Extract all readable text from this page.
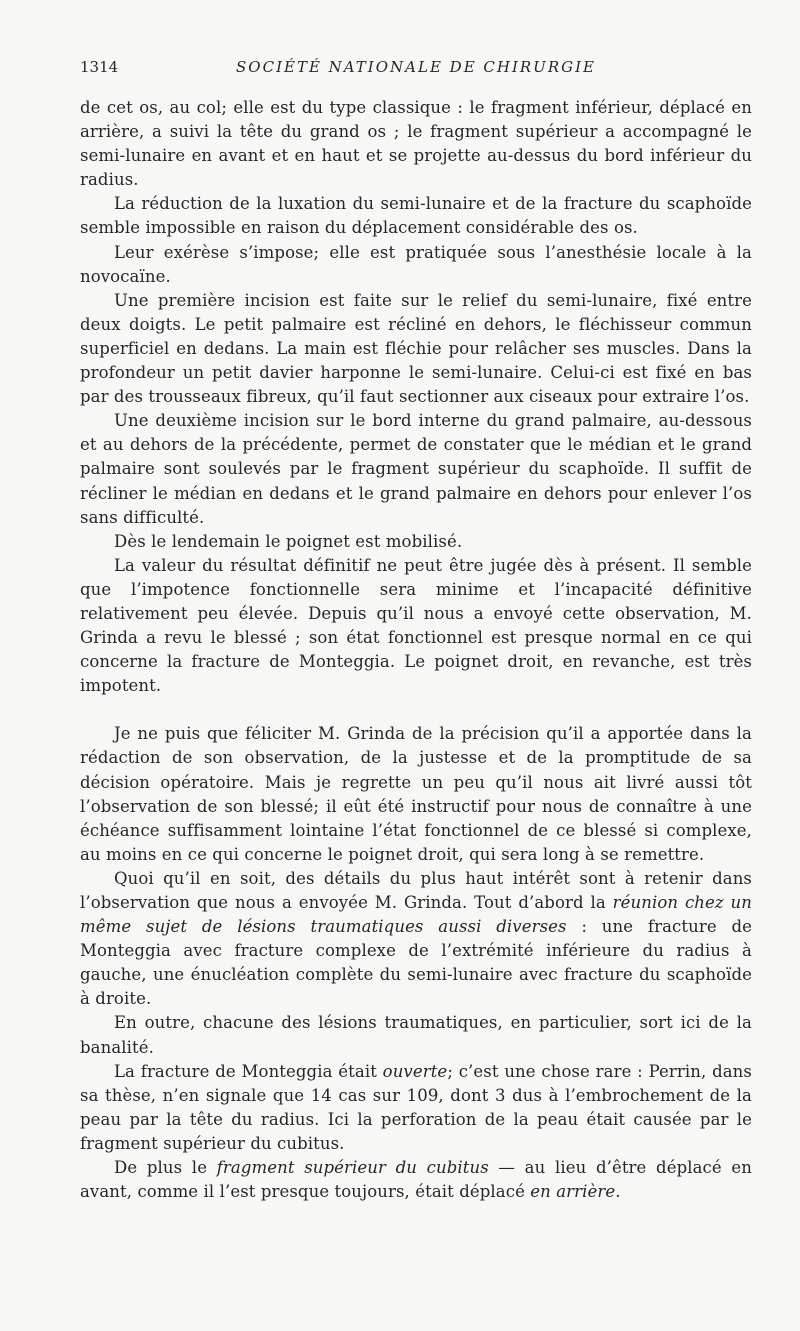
1314	SOCIÉTÉ NATIONALE DE CHIRURGIE

de cet os, au col; elle est du type classique : le fragment inférieur, déplacé en arrière, a suivi la tête du grand os ; le fragment supérieur a accompagné le semi-lunaire en avant et en haut et se projette au-dessus du bord inférieur du radius.

La réduction de la luxation du semi-lunaire et de la fracture du scaphoïde semble impossible en raison du déplacement considérable des os.

Leur exérèse s’impose; elle est pratiquée sous l’anesthésie locale à la novocaïne.

Une première incision est faite sur le relief du semi-lunaire, fixé entre deux doigts. Le petit palmaire est récliné en dehors, le fléchisseur commun superficiel en dedans. La main est fléchie pour relâcher ses muscles. Dans la profondeur un petit davier harponne le semi-lunaire. Celui-ci est fixé en bas par des trousseaux fibreux, qu’il faut sectionner aux ciseaux pour extraire l’os.

Une deuxième incision sur le bord interne du grand palmaire, au-dessous et au dehors de la précédente, permet de constater que le médian et le grand palmaire sont soulevés par le fragment supérieur du scaphoïde. Il suffit de récliner le médian en dedans et le grand palmaire en dehors pour enlever l’os sans difficulté.

Dès le lendemain le poignet est mobilisé.

La valeur du résultat définitif ne peut être jugée dès à présent. Il semble que l’impotence fonctionnelle sera minime et l’incapacité définitive relativement peu élevée. Depuis qu’il nous a envoyé cette observation, M. Grinda a revu le blessé ; son état fonctionnel est presque normal en ce qui concerne la fracture de Monteggia. Le poignet droit, en revanche, est très impotent.

Je ne puis que féliciter M. Grinda de la précision qu’il a apportée dans la rédaction de son observation, de la justesse et de la promptitude de sa décision opératoire. Mais je regrette un peu qu’il nous ait livré aussi tôt l’observation de son blessé; il eût été instructif pour nous de connaître à une échéance suffisamment lointaine l’état fonctionnel de ce blessé si complexe, au moins en ce qui concerne le poignet droit, qui sera long à se remettre.

Quoi qu’il en soit, des détails du plus haut intérêt sont à retenir dans l’observation que nous a envoyée M. Grinda. Tout d’abord la réunion chez un même sujet de lésions traumatiques aussi diverses : une fracture de Monteggia avec fracture complexe de l’extrémité inférieure du radius à gauche, une énucléation complète du semi-lunaire avec fracture du scaphoïde à droite.

En outre, chacune des lésions traumatiques, en particulier, sort ici de la banalité.

La fracture de Monteggia était ouverte; c’est une chose rare : Perrin, dans sa thèse, n’en signale que 14 cas sur 109, dont 3 dus à l’embrochement de la peau par la tête du radius. Ici la perforation de la peau était causée par le fragment supérieur du cubitus.

De plus le fragment supérieur du cubitus — au lieu d’être déplacé en avant, comme il l’est presque toujours, était déplacé en arrière.
